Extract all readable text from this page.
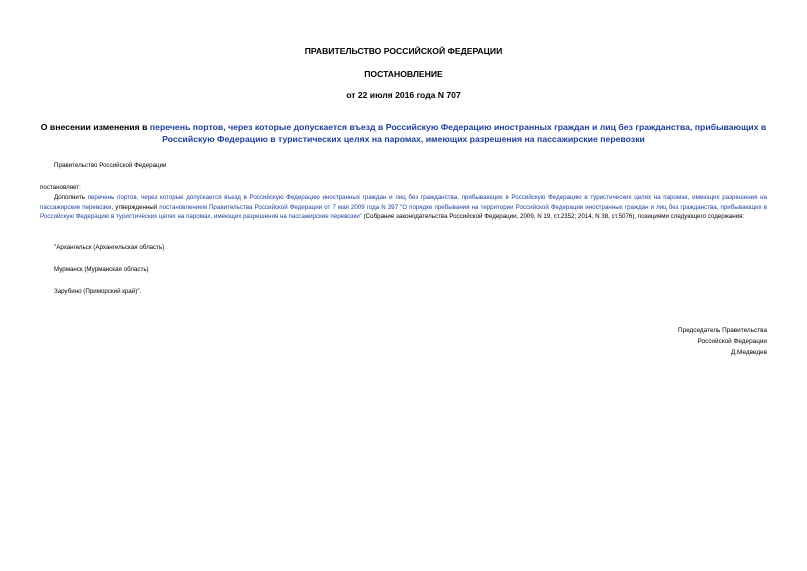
ПРАВИТЕЛЬСТВО РОССИЙСКОЙ ФЕДЕРАЦИИ
ПОСТАНОВЛЕНИЕ
от 22 июля 2016 года N 707
О внесении изменения в перечень портов, через которые допускается въезд в Российскую Федерацию иностранных граждан и лиц без гражданства, прибывающих в Российскую Федерацию в туристических целях на паромах, имеющих разрешения на пассажирские перевозки
Правительство Российской Федерации
постановляет:
Дополнить перечень портов, через которые допускается въезд в Российскую Федерацию иностранных граждан и лиц без гражданства, прибывающих в Российскую Федерацию в туристических целях на паромах, имеющих разрешения на пассажирские перевозки, утвержденный постановлением Правительства Российской Федерации от 7 мая 2009 года N 397 "О порядке пребывания на территории Российской Федерации иностранных граждан и лиц без гражданства, прибывающих в Российскую Федерацию в туристических целях на паромах, имеющих разрешения на пассажирские перевозки" (Собрание законодательства Российской Федерации, 2009, N 19, ст.2352; 2014, N 38, ст.5076), позициями следующего содержания:
"Архангельск (Архангельская область)
Мурманск (Мурманская область)
Зарубино (Приморский край)".
Председатель Правительства
Российской Федерации
Д.Медведев
